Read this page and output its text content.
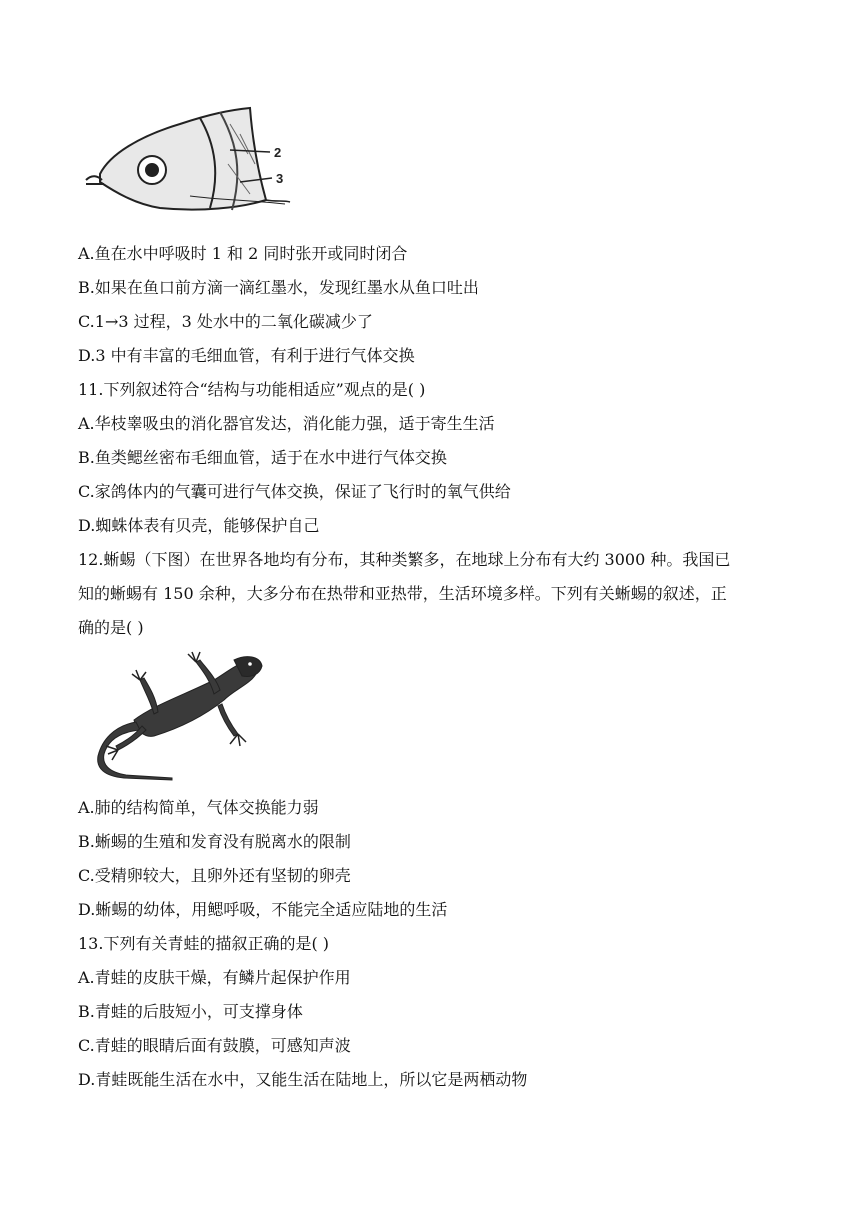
2
3
A.鱼在水中呼吸时 1 和 2 同时张开或同时闭合
B.如果在鱼口前方滴一滴红墨水，发现红墨水从鱼口吐出
C.1→3 过程，3 处水中的二氧化碳减少了
D.3 中有丰富的毛细血管，有利于进行气体交换
11.下列叙述符合“结构与功能相适应”观点的是( )
A.华枝睾吸虫的消化器官发达，消化能力强，适于寄生生活
B.鱼类鳃丝密布毛细血管，适于在水中进行气体交换
C.家鸽体内的气囊可进行气体交换，保证了飞行时的氧气供给
D.蜘蛛体表有贝壳，能够保护自己
12.蜥蜴（下图）在世界各地均有分布，其种类繁多，在地球上分布有大约 3000 种。我国已
知的蜥蜴有 150 余种，大多分布在热带和亚热带，生活环境多样。下列有关蜥蜴的叙述，正
确的是( )
A.肺的结构简单，气体交换能力弱
B.蜥蜴的生殖和发育没有脱离水的限制
C.受精卵较大，且卵外还有坚韧的卵壳
D.蜥蜴的幼体，用鳃呼吸，不能完全适应陆地的生活
13.下列有关青蛙的描叙正确的是( )
A.青蛙的皮肤干燥，有鳞片起保护作用
B.青蛙的后肢短小，可支撑身体
C.青蛙的眼睛后面有鼓膜，可感知声波
D.青蛙既能生活在水中，又能生活在陆地上，所以它是两栖动物
